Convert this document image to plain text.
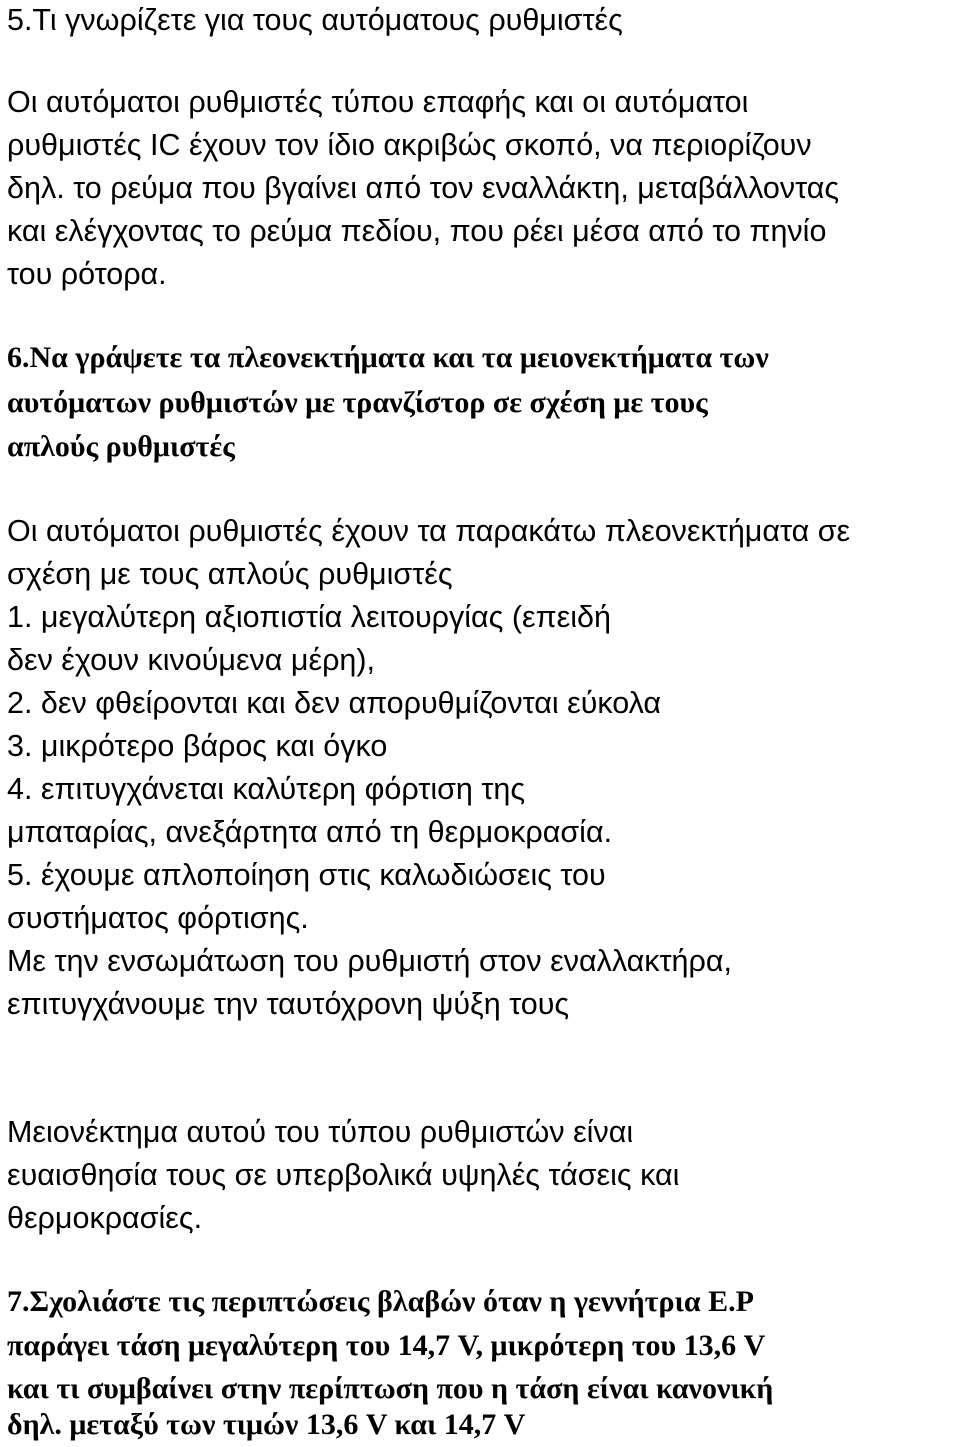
5.Τι γνωρίζετε για τους αυτόματους ρυθμιστές
Οι αυτόματοι ρυθμιστές τύπου επαφής και οι αυτόματοι
ρυθμιστές IC έχουν τον ίδιο ακριβώς σκοπό, να περιορίζουν
δηλ. το ρεύμα που βγαίνει από τον εναλλάκτη, μεταβάλλοντας
και ελέγχοντας το ρεύμα πεδίου, που ρέει μέσα από το πηνίο
του ρότορα.
6.Να γράψετε τα πλεονεκτήματα και τα μειονεκτήματα των
αυτόματων ρυθμιστών με τρανζίστορ σε σχέση με τους
απλούς ρυθμιστές
Οι αυτόματοι ρυθμιστές έχουν τα παρακάτω πλεονεκτήματα σε
σχέση με τους απλούς ρυθμιστές
1. μεγαλύτερη αξιοπιστία λειτουργίας (επειδή
δεν έχουν κινούμενα μέρη),
2. δεν φθείρονται και δεν απορυθμίζονται εύκολα
3. μικρότερο βάρος και όγκο
4. επιτυγχάνεται καλύτερη φόρτιση της
μπαταρίας, ανεξάρτητα από τη θερμοκρασία.
5. έχουμε απλοποίηση στις καλωδιώσεις του
συστήματος φόρτισης.
Με την ενσωμάτωση του ρυθμιστή στον εναλλακτήρα,
επιτυγχάνουμε την ταυτόχρονη ψύξη τους
Μειονέκτημα αυτού του τύπου ρυθμιστών είναι
ευαισθησία τους σε υπερβολικά υψηλές τάσεις και
θερμοκρασίες.
7.Σχολιάστε τις περιπτώσεις βλαβών όταν η γεννήτρια Ε.Ρ
παράγει τάση μεγαλύτερη του 14,7 V, μικρότερη του 13,6 V
και τι συμβαίνει στην περίπτωση που η τάση είναι κανονική
δηλ. μεταξύ των τιμών 13,6 V και 14,7 V
